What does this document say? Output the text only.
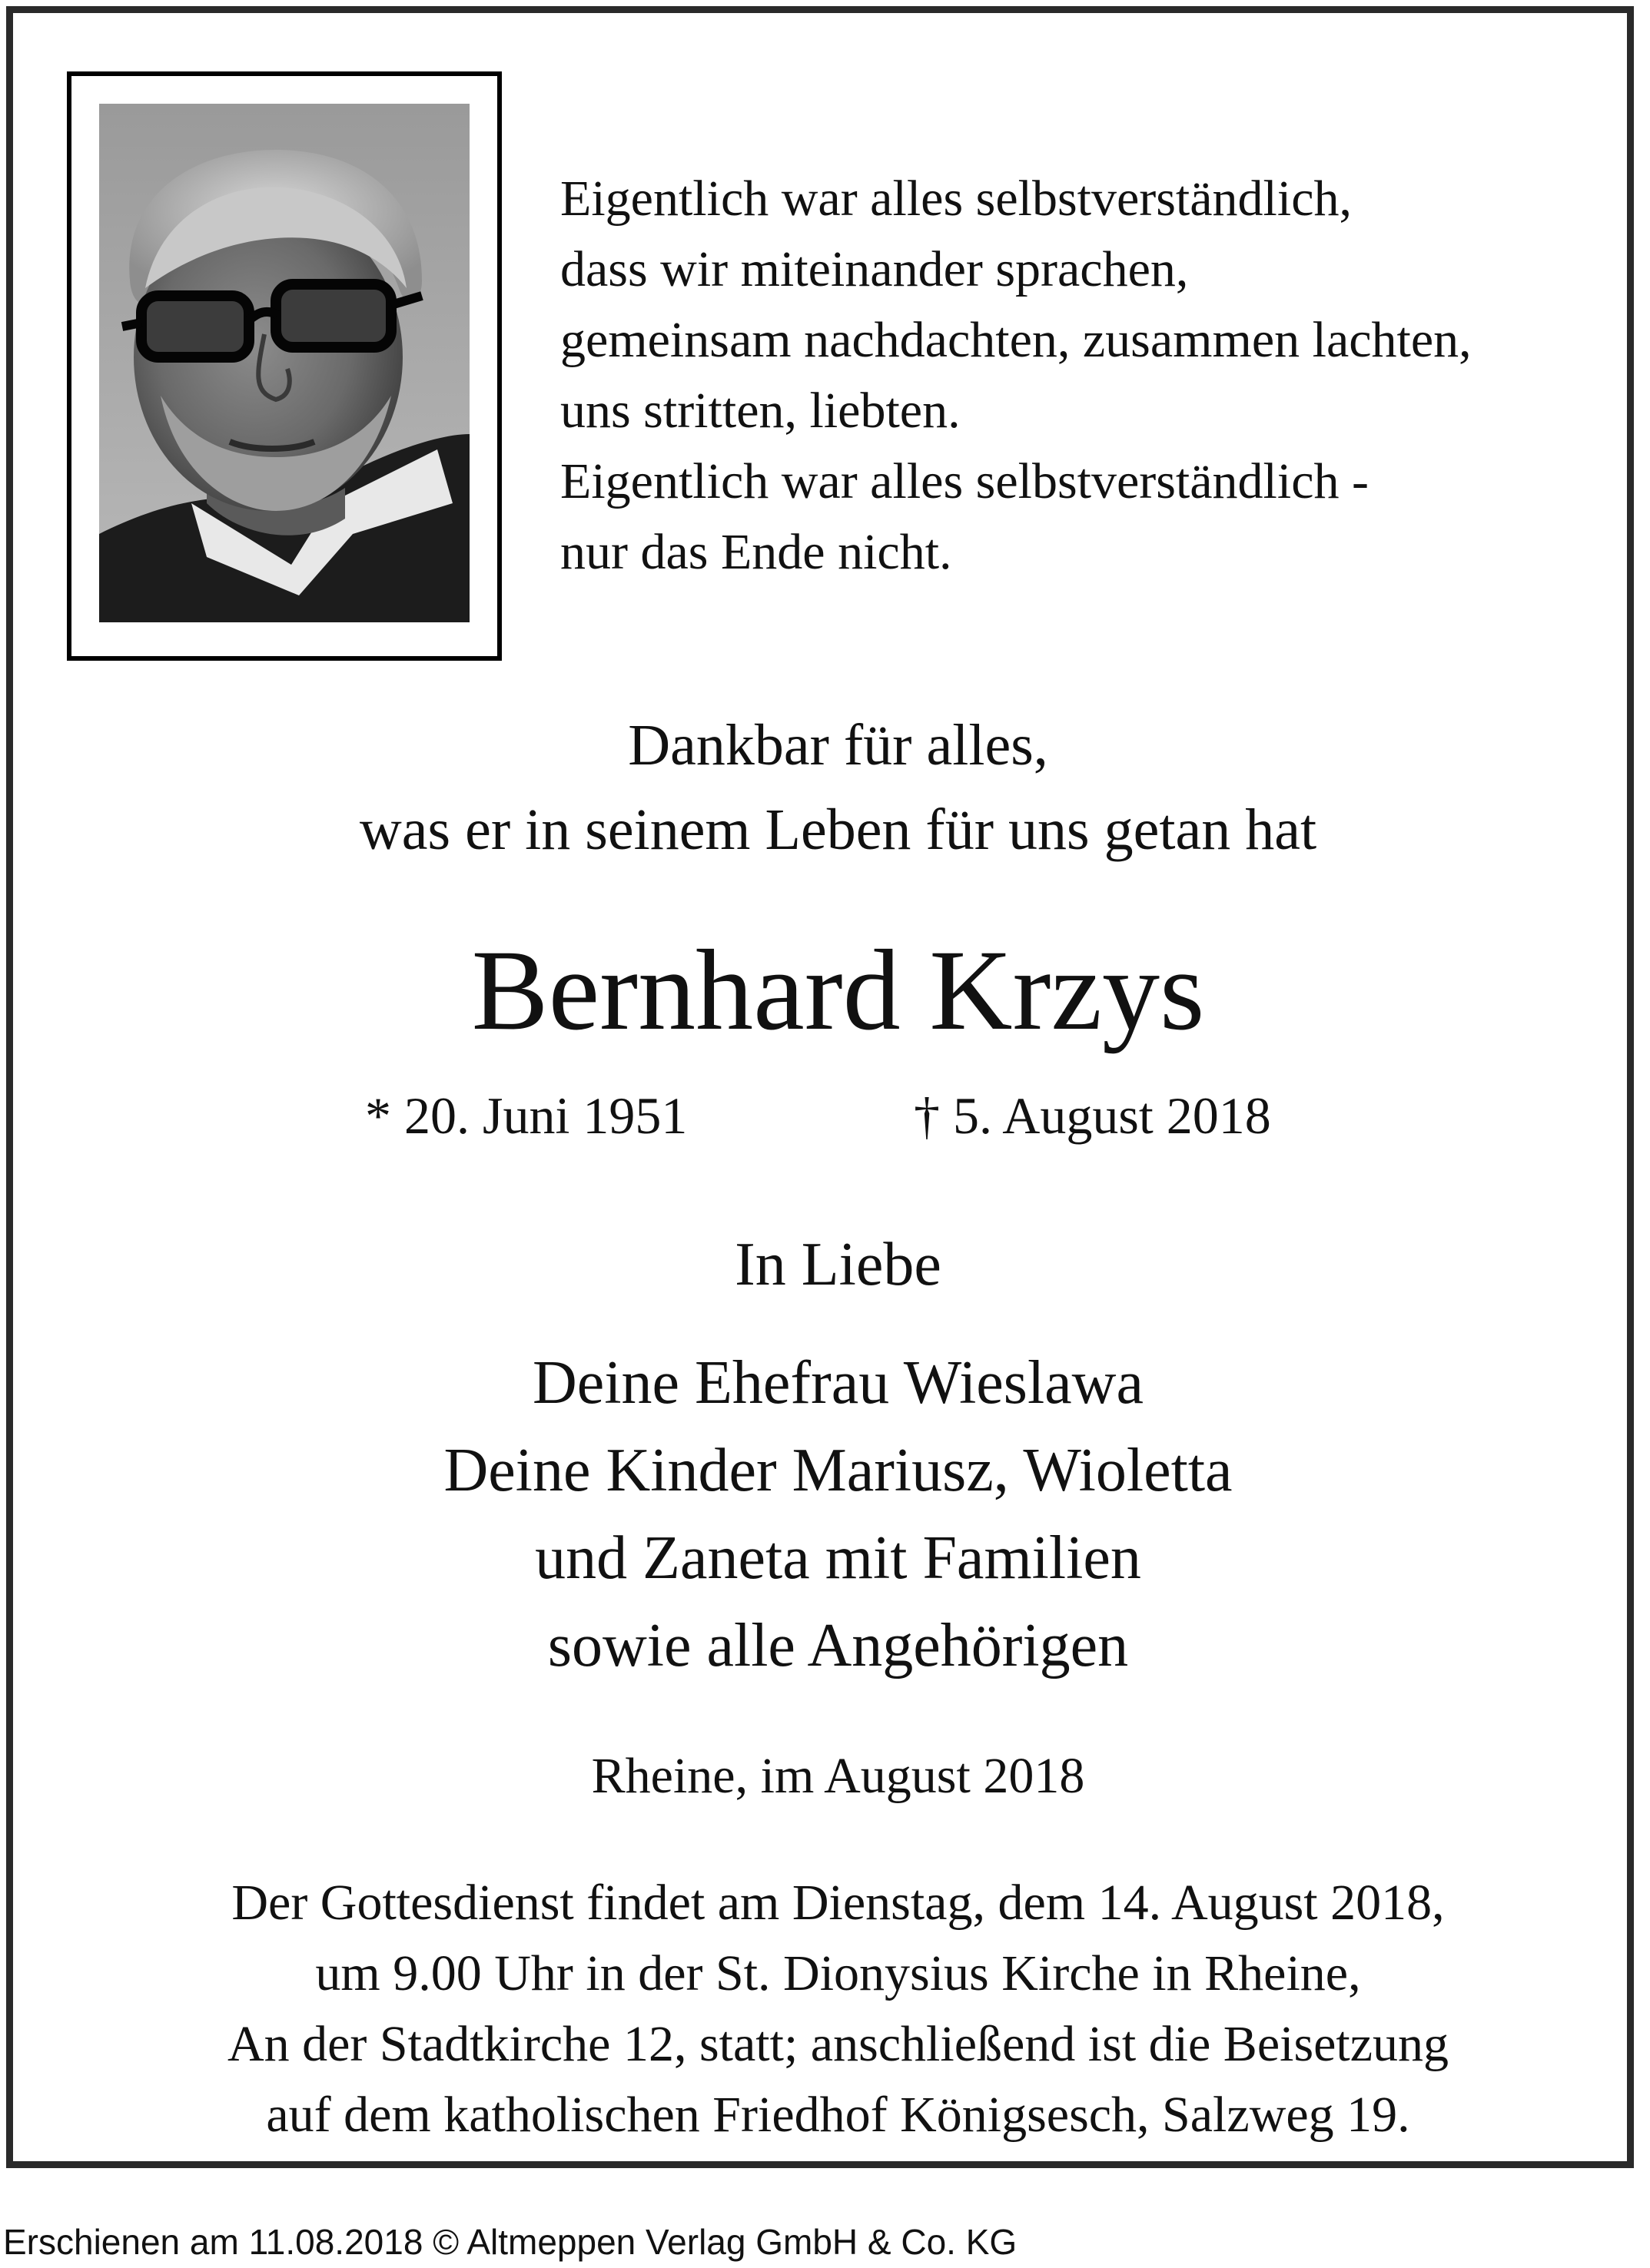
Eigentlich war alles selbstverständlich,
dass wir miteinander sprachen,
gemeinsam nachdachten, zusammen lachten,
uns stritten, liebten.
Eigentlich war alles selbstverständlich -
nur das Ende nicht.
Dankbar für alles,
was er in seinem Leben für uns getan hat
Bernhard Krzys
* 20. Juni 1951	† 5. August 2018
In Liebe
Deine Ehefrau Wieslawa
Deine Kinder Mariusz, Wioletta
und Zaneta mit Familien
sowie alle Angehörigen
Rheine, im August 2018
Der Gottesdienst findet am Dienstag, dem 14. August 2018,
um 9.00 Uhr in der St. Dionysius Kirche in Rheine,
An der Stadtkirche 12, statt; anschließend ist die Beisetzung
auf dem katholischen Friedhof Königsesch, Salzweg 19.
Erschienen am 11.08.2018 © Altmeppen Verlag GmbH & Co. KG
